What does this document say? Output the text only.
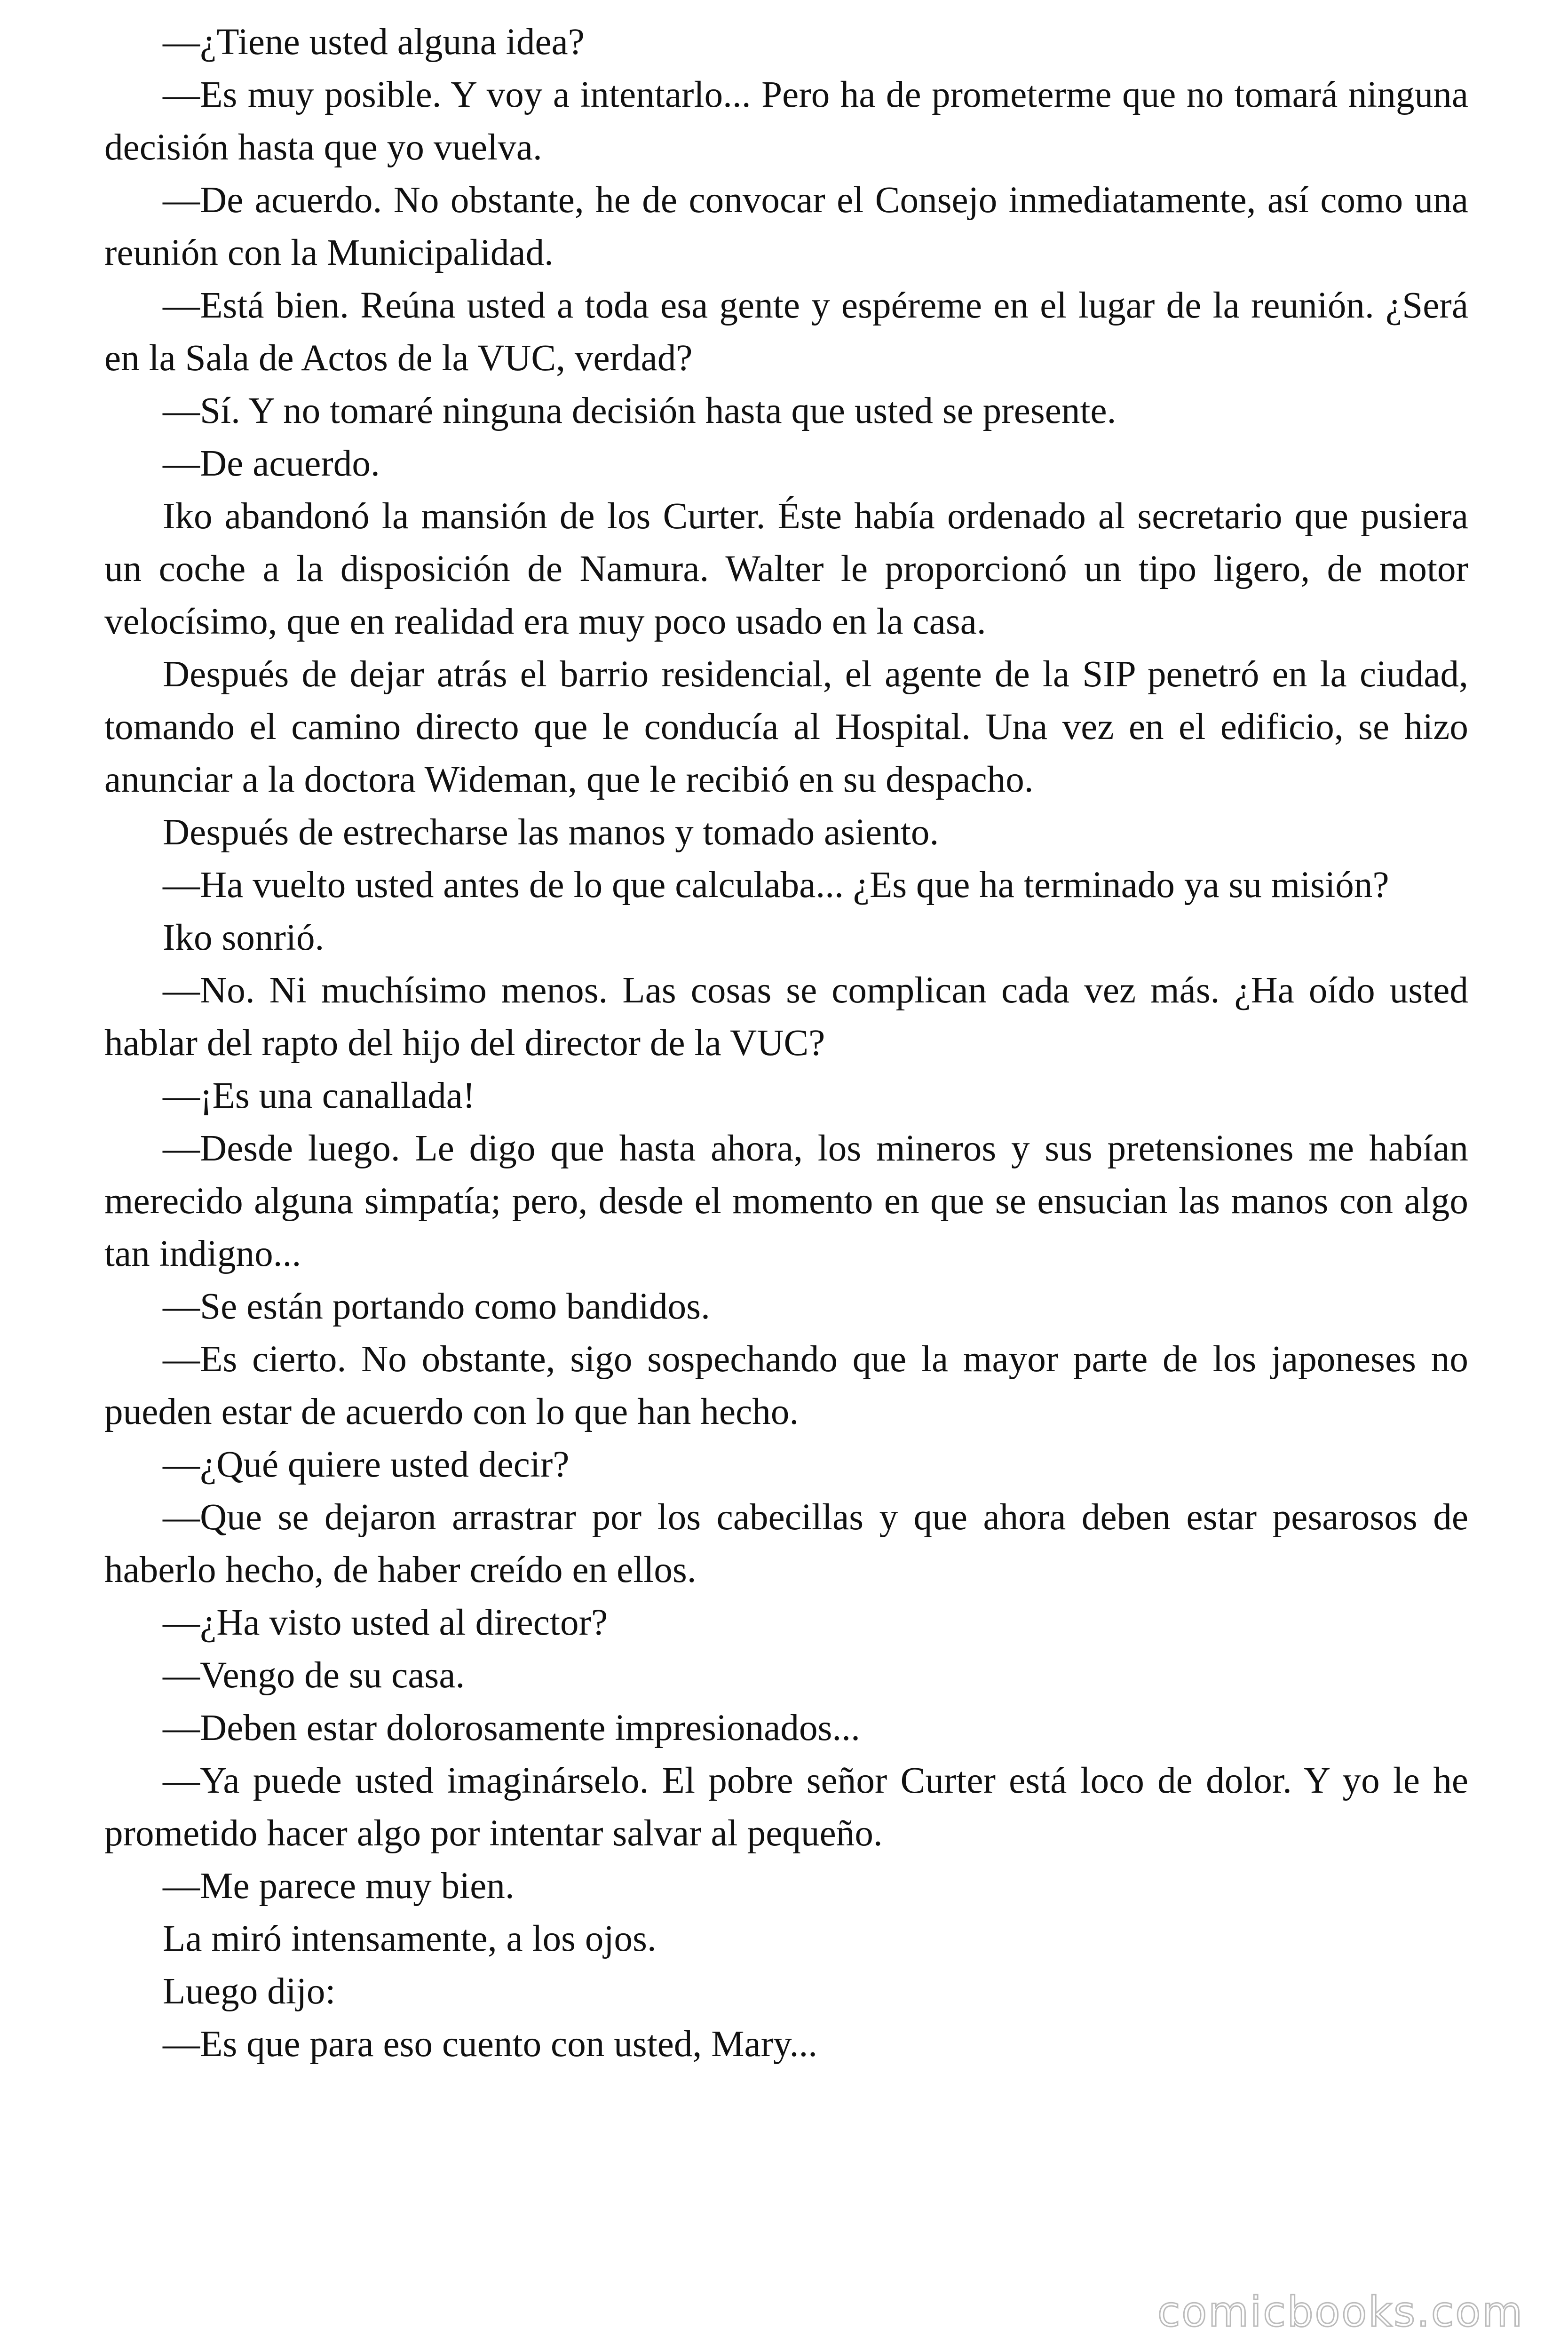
—¿Tiene usted alguna idea?

—Es muy posible. Y voy a intentarlo... Pero ha de prometerme que no tomará ninguna decisión hasta que yo vuelva.

—De acuerdo. No obstante, he de convocar el Consejo inmediatamente, así como una reunión con la Municipalidad.

—Está bien. Reúna usted a toda esa gente y espéreme en el lugar de la reunión. ¿Será en la Sala de Actos de la VUC, verdad?

—Sí. Y no tomaré ninguna decisión hasta que usted se presente.

—De acuerdo.

Iko abandonó la mansión de los Curter. Éste había ordenado al secretario que pusiera un coche a la disposición de Namura. Walter le proporcionó un tipo ligero, de motor velocísimo, que en realidad era muy poco usado en la casa.

Después de dejar atrás el barrio residencial, el agente de la SIP penetró en la ciudad, tomando el camino directo que le conducía al Hospital. Una vez en el edificio, se hizo anunciar a la doctora Wideman, que le recibió en su despacho.

Después de estrecharse las manos y tomado asiento.

—Ha vuelto usted antes de lo que calculaba... ¿Es que ha terminado ya su misión?

Iko sonrió.

—No. Ni muchísimo menos. Las cosas se complican cada vez más. ¿Ha oído usted hablar del rapto del hijo del director de la VUC?

—¡Es una canallada!

—Desde luego. Le digo que hasta ahora, los mineros y sus pretensiones me habían merecido alguna simpatía; pero, desde el momento en que se ensucian las manos con algo tan indigno...

—Se están portando como bandidos.

—Es cierto. No obstante, sigo sospechando que la mayor parte de los japoneses no pueden estar de acuerdo con lo que han hecho.

—¿Qué quiere usted decir?

—Que se dejaron arrastrar por los cabecillas y que ahora deben estar pesarosos de haberlo hecho, de haber creído en ellos.

—¿Ha visto usted al director?

—Vengo de su casa.

—Deben estar dolorosamente impresionados...

—Ya puede usted imaginárselo. El pobre señor Curter está loco de dolor. Y yo le he prometido hacer algo por intentar salvar al pequeño.

—Me parece muy bien.

La miró intensamente, a los ojos.

Luego dijo:

—Es que para eso cuento con usted, Mary...

comicbooks.com
